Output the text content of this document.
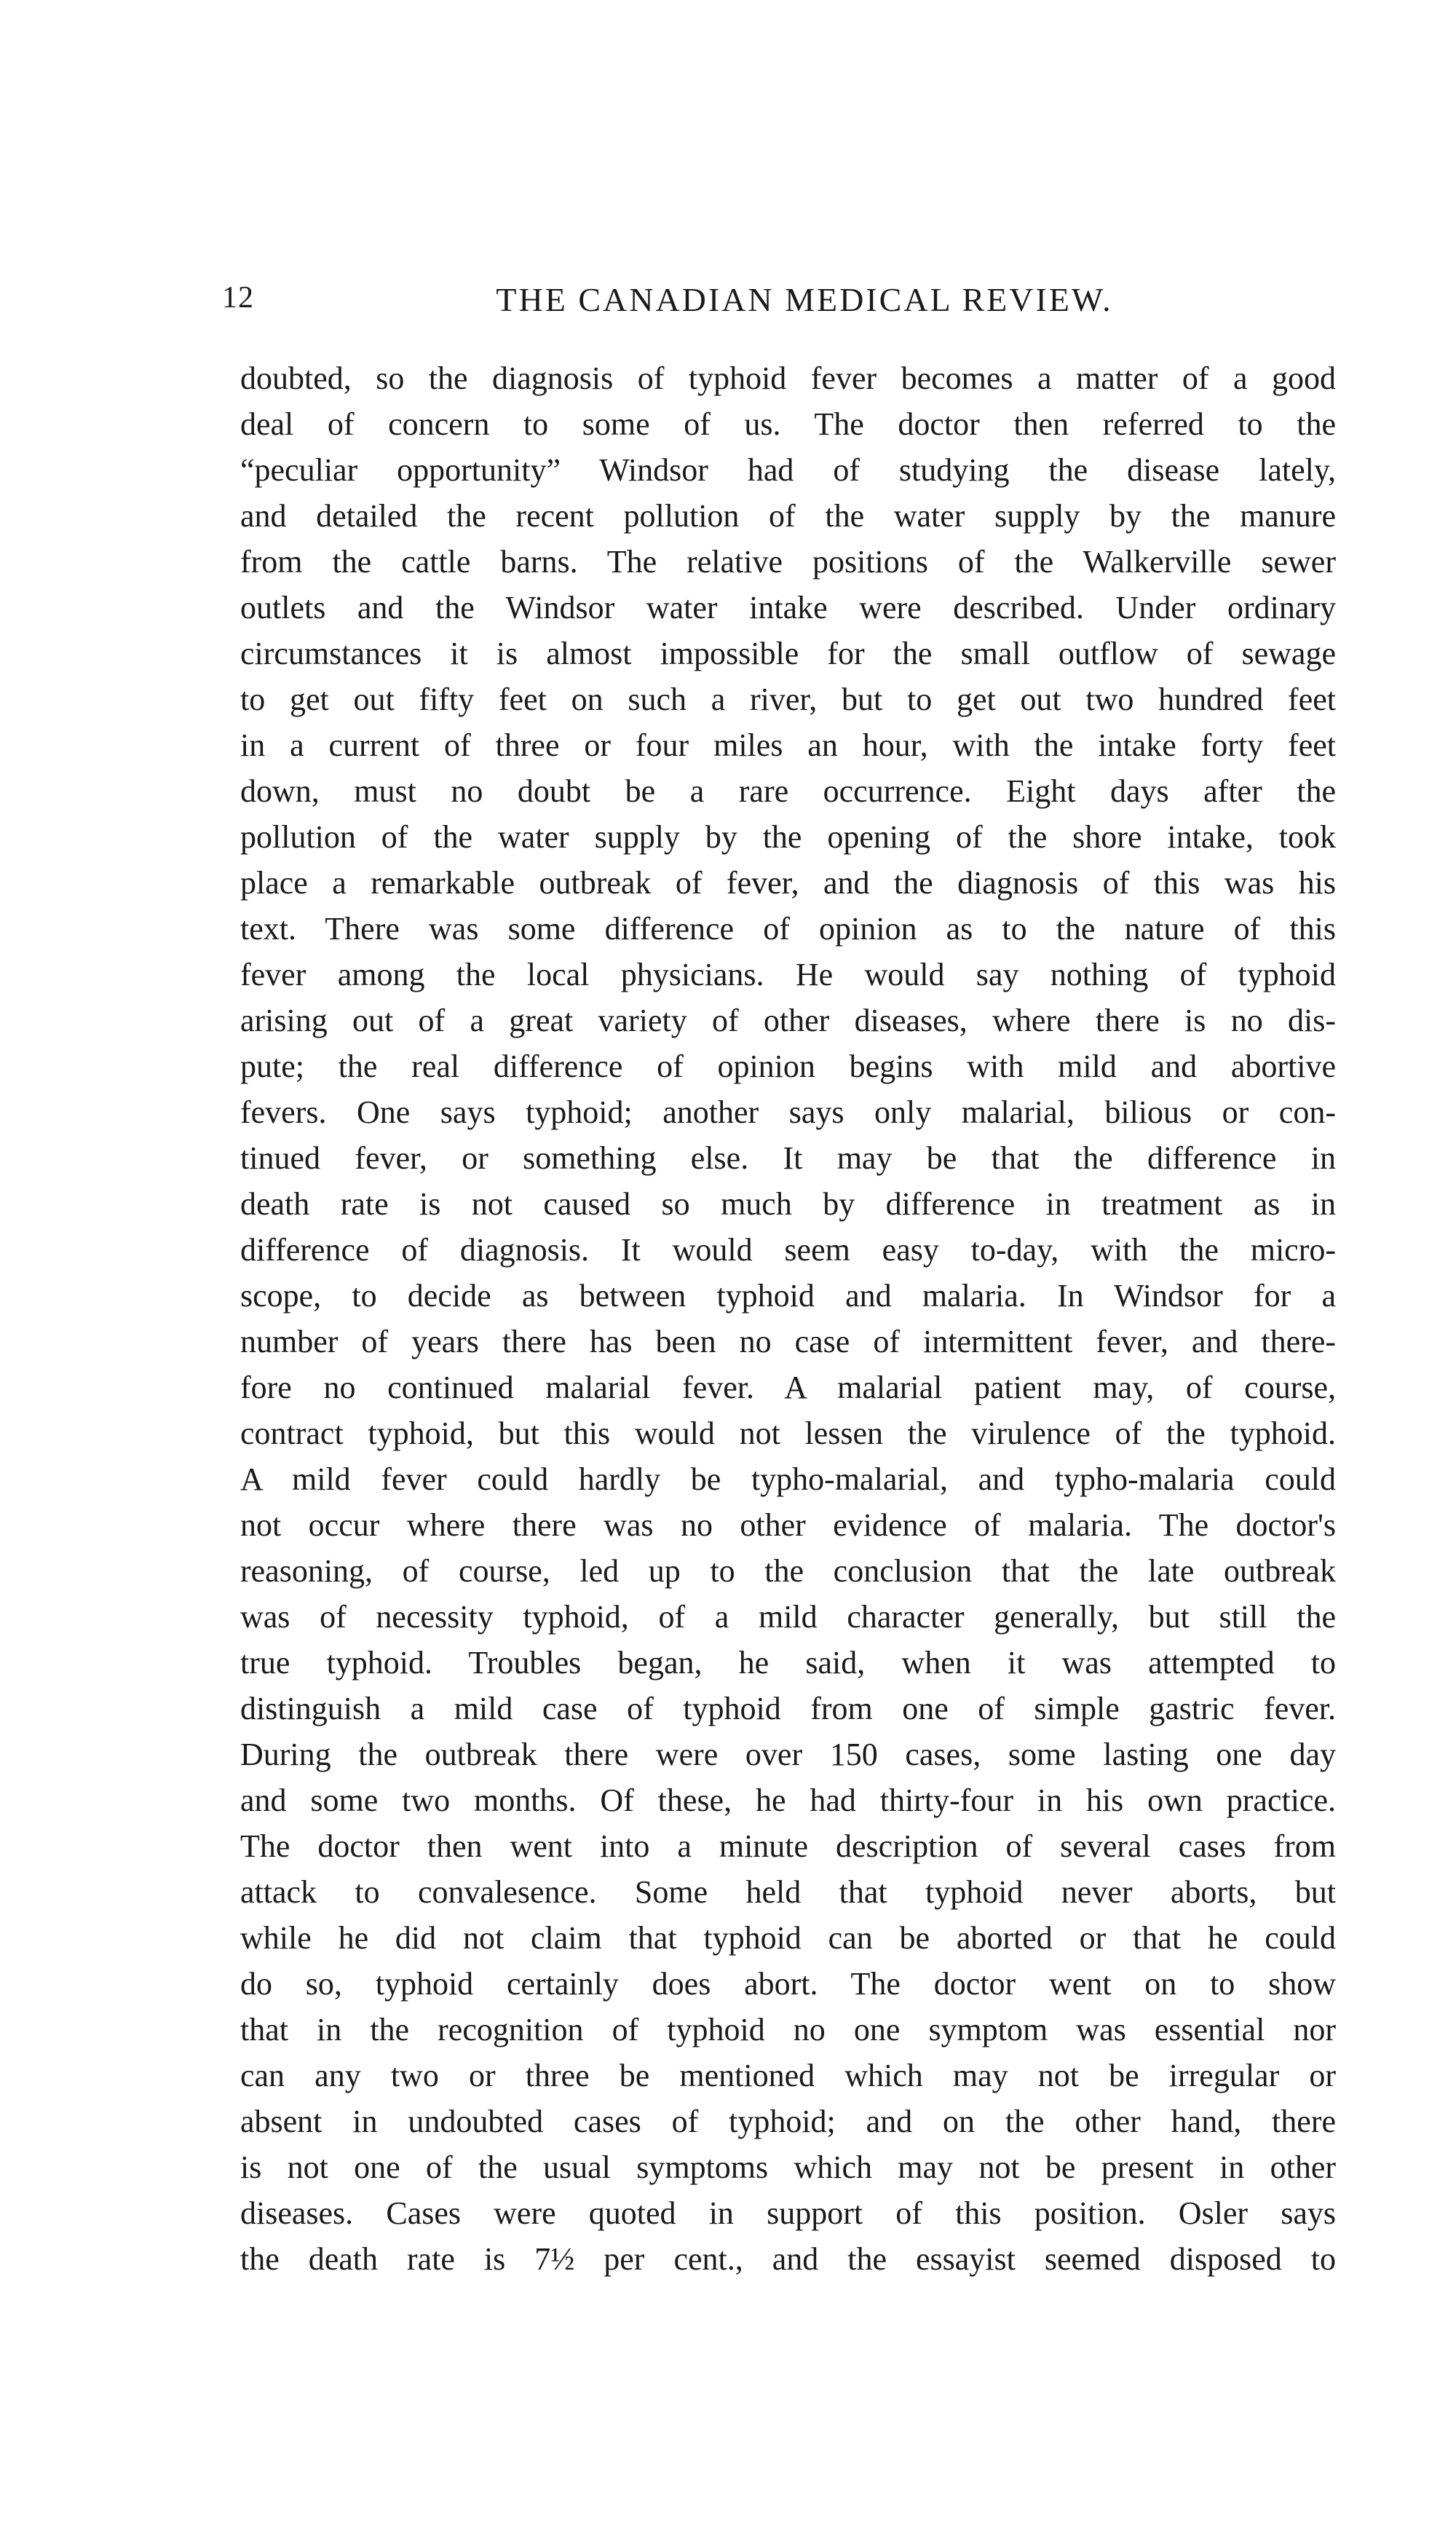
12	THE CANADIAN MEDICAL REVIEW.
doubted, so the diagnosis of typhoid fever becomes a matter of a good
deal of concern to some of us. The doctor then referred to the
“peculiar opportunity” Windsor had of studying the disease lately,
and detailed the recent pollution of the water supply by the manure
from the cattle barns. The relative positions of the Walkerville sewer
outlets and the Windsor water intake were described. Under ordinary
circumstances it is almost impossible for the small outflow of sewage
to get out fifty feet on such a river, but to get out two hundred feet
in a current of three or four miles an hour, with the intake forty feet
down, must no doubt be a rare occurrence. Eight days after the
pollution of the water supply by the opening of the shore intake, took
place a remarkable outbreak of fever, and the diagnosis of this was his
text. There was some difference of opinion as to the nature of this
fever among the local physicians. He would say nothing of typhoid
arising out of a great variety of other diseases, where there is no dis-
pute; the real difference of opinion begins with mild and abortive
fevers. One says typhoid; another says only malarial, bilious or con-
tinued fever, or something else. It may be that the difference in
death rate is not caused so much by difference in treatment as in
difference of diagnosis. It would seem easy to-day, with the micro-
scope, to decide as between typhoid and malaria. In Windsor for a
number of years there has been no case of intermittent fever, and there-
fore no continued malarial fever. A malarial patient may, of course,
contract typhoid, but this would not lessen the virulence of the typhoid.
A mild fever could hardly be typho-malarial, and typho-malaria could
not occur where there was no other evidence of malaria. The doctor's
reasoning, of course, led up to the conclusion that the late outbreak
was of necessity typhoid, of a mild character generally, but still the
true typhoid. Troubles began, he said, when it was attempted to
distinguish a mild case of typhoid from one of simple gastric fever.
During the outbreak there were over 150 cases, some lasting one day
and some two months. Of these, he had thirty-four in his own practice.
The doctor then went into a minute description of several cases from
attack to convalesence. Some held that typhoid never aborts, but
while he did not claim that typhoid can be aborted or that he could
do so, typhoid certainly does abort. The doctor went on to show
that in the recognition of typhoid no one symptom was essential nor
can any two or three be mentioned which may not be irregular or
absent in undoubted cases of typhoid; and on the other hand, there
is not one of the usual symptoms which may not be present in other
diseases. Cases were quoted in support of this position. Osler says
the death rate is 7½ per cent., and the essayist seemed disposed to
